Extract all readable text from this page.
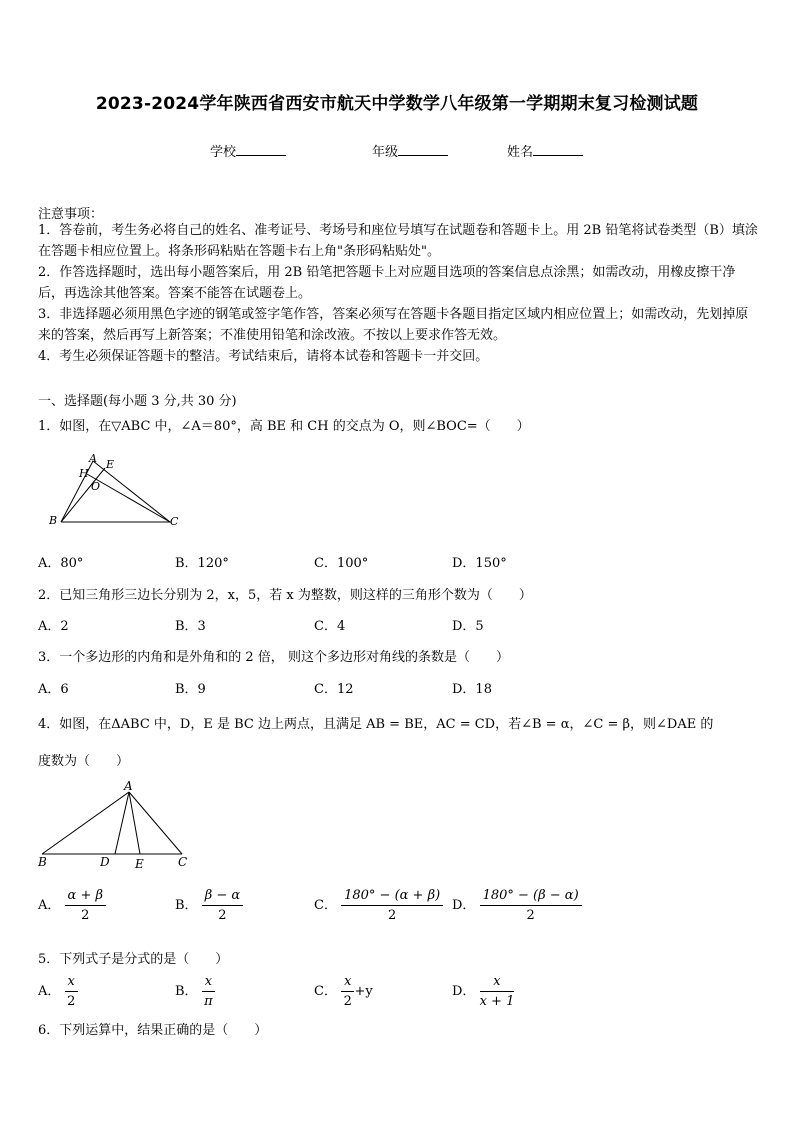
2023-2024学年陕西省西安市航天中学数学八年级第一学期期末复习检测试题
学校	年级	姓名
注意事项：
1．答卷前，考生务必将自己的姓名、准考证号、考场号和座位号填写在试题卷和答题卡上。用 2B 铅笔将试卷类型（B）填涂在答题卡相应位置上。将条形码粘贴在答题卡右上角"条形码粘贴处"。
2．作答选择题时，选出每小题答案后，用 2B 铅笔把答题卡上对应题目选项的答案信息点涂黑；如需改动，用橡皮擦干净后，再选涂其他答案。答案不能答在试题卷上。
3．非选择题必须用黑色字迹的钢笔或签字笔作答，答案必须写在答题卡各题目指定区域内相应位置上；如需改动，先划掉原来的答案，然后再写上新答案；不准使用铅笔和涂改液。不按以上要求作答无效。
4．考生必须保证答题卡的整洁。考试结束后，请将本试卷和答题卡一并交回。
一、选择题(每小题 3 分,共 30 分)
1．如图，在▽ABC 中，∠A＝80°，高 BE 和 CH 的交点为 O，则∠BOC=（　　）
A E
H
O
B	C
A．80°	B．120°	C．100°	D．150°
2．已知三角形三边长分别为 2，x，5，若 x 为整数，则这样的三角形个数为（　　）
A．2	B．3	C．4	D．5
3．一个多边形的内角和是外角和的 2 倍， 则这个多边形对角线的条数是（　　）
A．6	B．9	C．12	D．18
4．如图，在ΔABC 中，D，E 是 BC 边上两点，且满足 AB = BE，AC = CD，若∠B = α，∠C = β，则∠DAE 的
度数为（　　）
A
B	D E	C
A． $\frac{\alpha + \beta}{2}$	B． $\frac{\beta - \alpha}{2}$	C． $\frac{180^\circ - (\alpha + \beta)}{2}$ D． $\frac{180^\circ - (\beta - \alpha)}{2}$
5．下列式子是分式的是（　　）
A． $\frac{x}{2}$	B． $\frac{x}{\pi}$	C． $\frac{x}{2} +y$	D． $\frac{x}{x + 1}$
6．下列运算中，结果正确的是（　　）
